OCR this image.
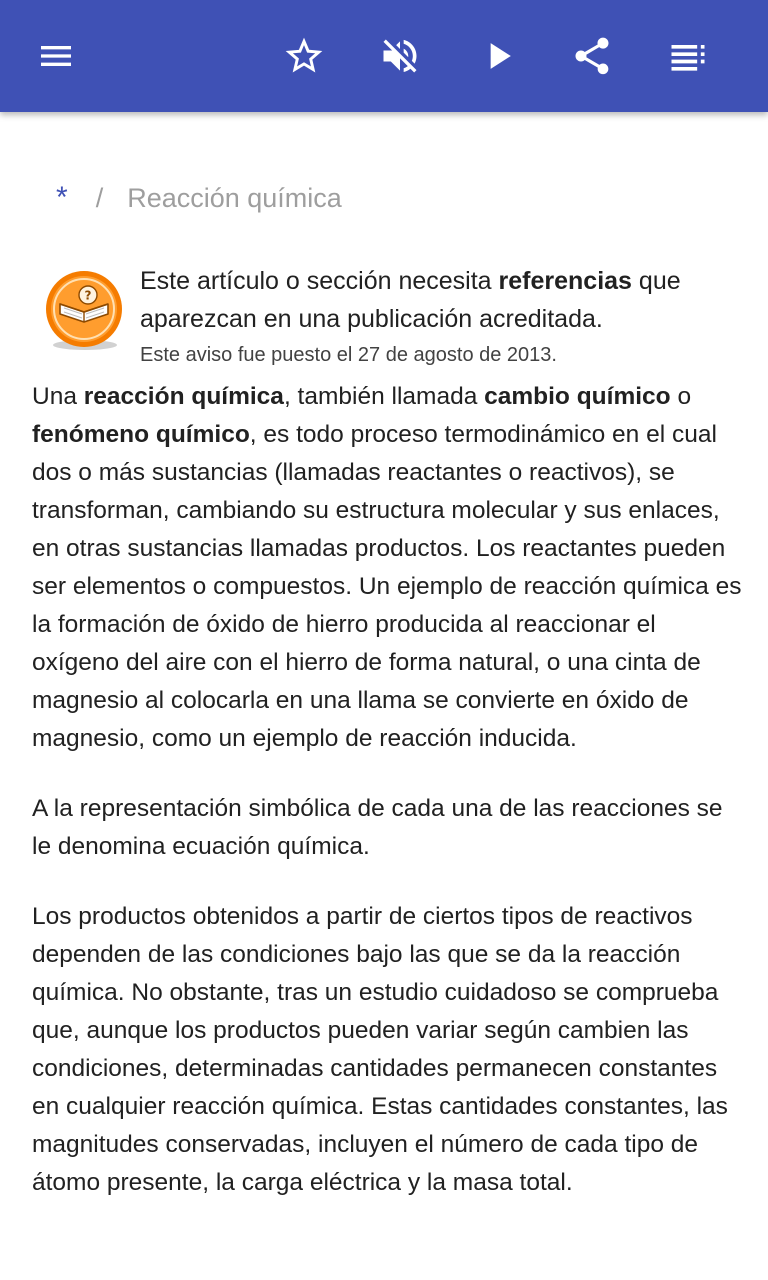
* / Reacción química
?
Este artículo o sección necesita referencias que aparezcan en una publicación acreditada.
Este aviso fue puesto el 27 de agosto de 2013.

Una reacción química, también llamada cambio químico o fenómeno químico, es todo proceso termodinámico en el cual dos o más sustancias (llamadas reactantes o reactivos), se transforman, cambiando su estructura molecular y sus enlaces, en otras sustancias llamadas productos. Los reactantes pueden ser elementos o compuestos. Un ejemplo de reacción química es la formación de óxido de hierro producida al reaccionar el oxígeno del aire con el hierro de forma natural, o una cinta de magnesio al colocarla en una llama se convierte en óxido de magnesio, como un ejemplo de reacción inducida.

A la representación simbólica de cada una de las reacciones se le denomina ecuación química.

Los productos obtenidos a partir de ciertos tipos de reactivos dependen de las condiciones bajo las que se da la reacción química. No obstante, tras un estudio cuidadoso se comprueba que, aunque los productos pueden variar según cambien las condiciones, determinadas cantidades permanecen constantes en cualquier reacción química. Estas cantidades constantes, las magnitudes conservadas, incluyen el número de cada tipo de átomo presente, la carga eléctrica y la masa total.
